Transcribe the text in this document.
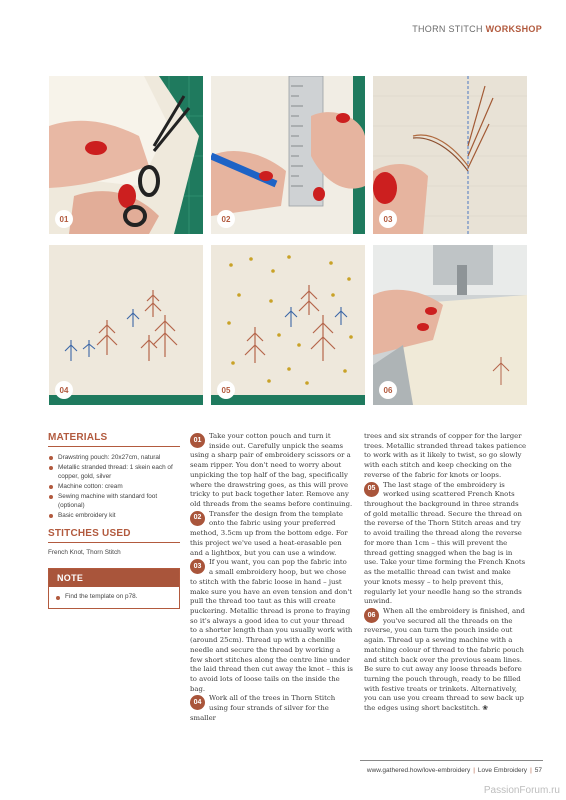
THORN STITCH WORKSHOP
01	02	03
04	05	06
MATERIALS
Drawstring pouch: 20x27cm, natural
Metallic stranded thread: 1 skein each of copper, gold, silver
Machine cotton: cream
Sewing machine with standard foot (optional)
Basic embroidery kit
STITCHES USED
French Knot, Thorn Stitch
NOTE
Find the template on p78.

01
Take your cotton pouch and turn it inside out. Carefully unpick the seams using a sharp pair of embroidery scissors or a seam ripper. You don't need to worry about unpicking the top half of the bag, specifically where the drawstring goes, as this will prove tricky to put back together later. Remove any old threads from the seams before continuing.

02
Transfer the design from the template onto the fabric using your preferred method, 3.5cm up from the bottom edge. For this project we've used a heat-erasable pen and a lightbox, but you can use a window.

03
If you want, you can pop the fabric into a small embroidery hoop, but we chose to stitch with the fabric loose in hand – just make sure you have an even tension and don't pull the thread too taut as this will create puckering. Metallic thread is prone to fraying so it's always a good idea to cut your thread to a shorter length than you usually work with (around 25cm). Thread up with a chenille needle and secure the thread by working a few short stitches along the centre line under the laid thread then cut away the knot – this is to avoid lots of loose tails on the inside the bag.

04
Work all of the trees in Thorn Stitch using four strands of silver for the smaller

trees and six strands of copper for the larger trees. Metallic stranded thread takes patience to work with as it likely to twist, so go slowly with each stitch and keep checking on the reverse of the fabric for knots or loops.

05
The last stage of the embroidery is worked using scattered French Knots throughout the background in three strands of gold metallic thread. Secure the thread on the reverse of the Thorn Stitch areas and try to avoid trailing the thread along the reverse for more than 1cm – this will prevent the thread getting snagged when the bag is in use. Take your time forming the French Knots as the metallic thread can twist and make your knots messy – to help prevent this, regularly let your needle hang so the strands unwind.

06
When all the embroidery is finished, and you've secured all the threads on the reverse, you can turn the pouch inside out again. Thread up a sewing machine with a matching colour of thread to the fabric pouch and stitch back over the previous seam lines. Be sure to cut away any loose threads before turning the pouch through, ready to be filled with festive treats or trinkets. Alternatively, you can use you cream thread to sew back up the edges using short backstitch. ❀

www.gathered.how/love-embroidery | Love Embroidery | 57
PassionForum.ru
